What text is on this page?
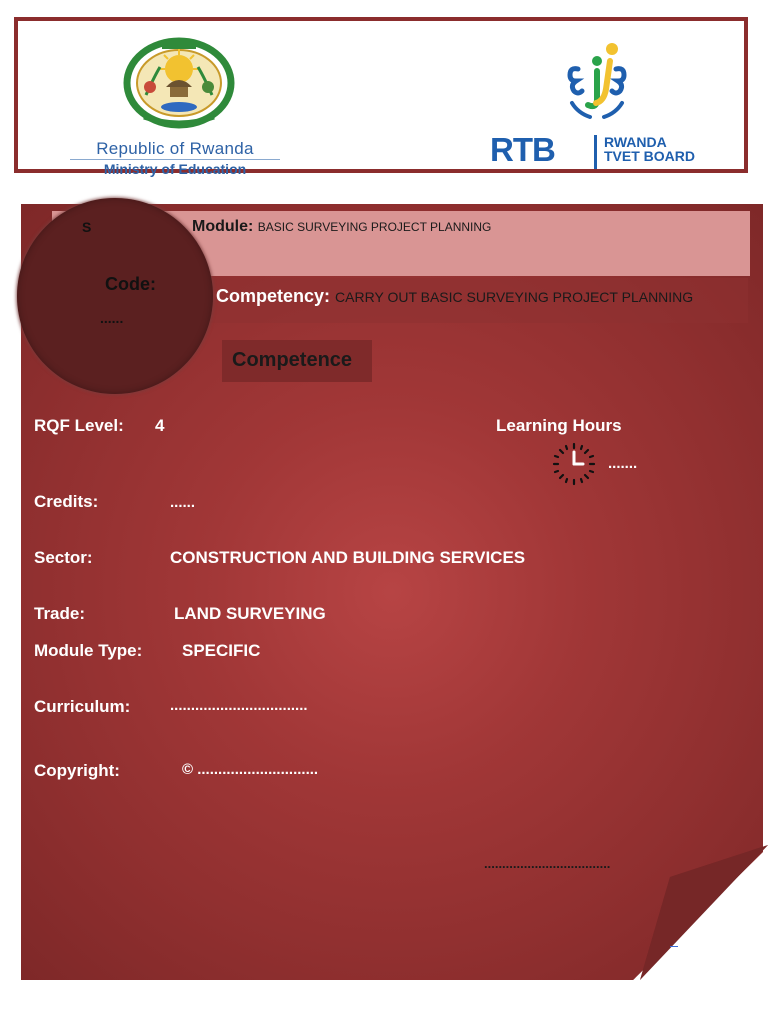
Republic of Rwanda
Ministry of Education
RTB	RWANDA
TVET BOARD
Module: BASIC SURVEYING PROJECT PLANNING
Competency: CARRY OUT BASIC SURVEYING PROJECT PLANNING
Competence
S
Code:
......
RQF Level: 4	Learning Hours
.......
Credits:	......
Sector:	CONSTRUCTION AND BUILDING SERVICES
Trade:	LAND SURVEYING
Module Type: SPECIFIC
Curriculum:	.................................
Copyright:	© .............................
...................................
